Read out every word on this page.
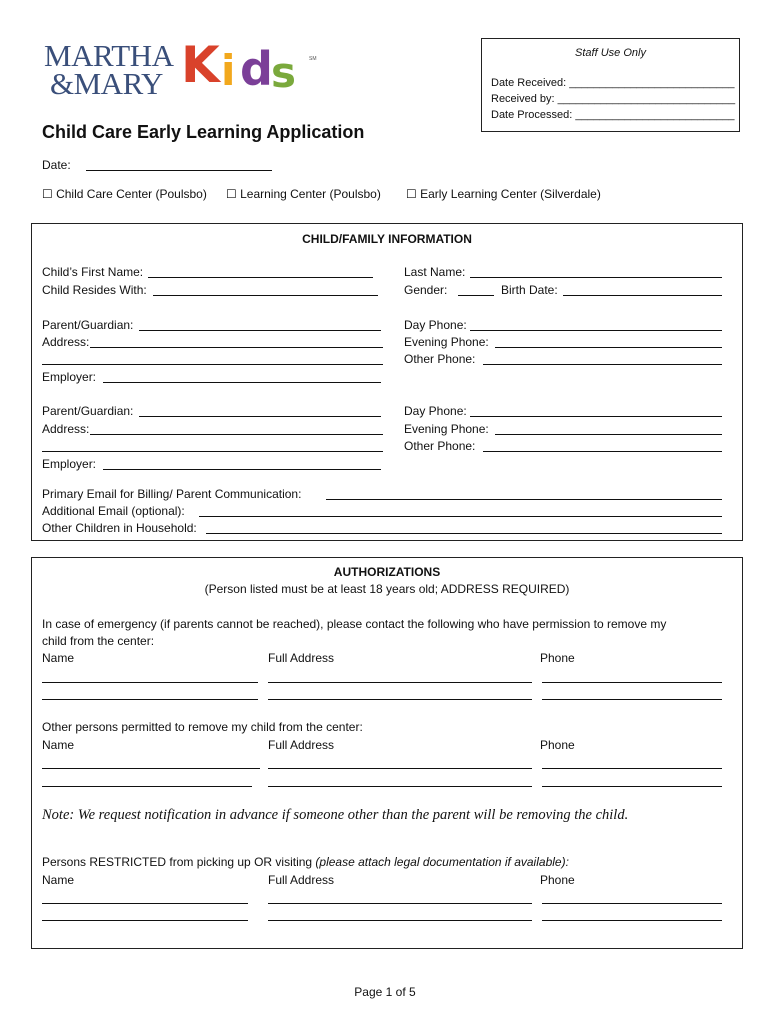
MARTHA
&MARY K i d
s	SM	Staff Use Only
Date Received: ___________________________
Received by: _____________________________
Date Processed: __________________________
Child Care Early Learning Application
Date:
☐ Child Care Center (Poulsbo) ☐ Learning Center (Poulsbo) ☐ Early Learning Center (Silverdale)
CHILD/FAMILY INFORMATION
Child’s First Name:
Child Resides With:
Last Name:
Gender:	Birth Date:
Parent/Guardian:
Address:
Employer:
Day Phone:
Evening Phone:
Other Phone:
Parent/Guardian:
Address:
Employer:
Day Phone:
Evening Phone:
Other Phone:
Primary Email for Billing/ Parent Communication:
Additional Email (optional):
Other Children in Household:
AUTHORIZATIONS
(Person listed must be at least 18 years old; ADDRESS REQUIRED)
In case of emergency (if parents cannot be reached), please contact the following who have permission to remove my
child from the center:
Name	Full Address	Phone
Other persons permitted to remove my child from the center:
Name	Full Address	Phone
Note: We request notification in advance if someone other than the parent will be removing the child.
Persons RESTRICTED from picking up OR visiting (please attach legal documentation if available):
Name	Full Address	Phone
Page 1 of 5
